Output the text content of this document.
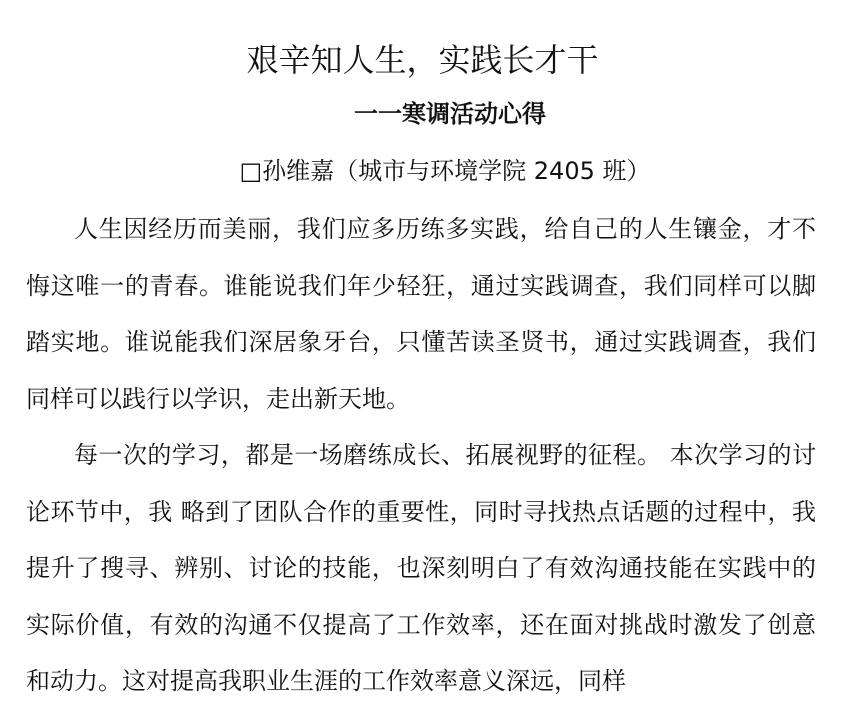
艰辛知人生，实践长才干
一一寒调活动心得
□孙维嘉（城市与环境学院 2405 班）

人生因经历而美丽，我们应多历练多实践，给自己的人生镶金，才不悔这唯一的青春。谁能说我们年少轻狂，通过实践调查，我们同样可以脚踏实地。谁说能我们深居象牙台，只懂苦读圣贤书，通过实践调查，我们同样可以践行以学识，走出新天地。

每一次的学习，都是一场磨练成长、拓展视野的征程。 本次学习的讨论环节中，我 略到了团队合作的重要性，同时寻找热点话题的过程中，我提升了搜寻、辨别、讨论的技能，也深刻明白了有效沟通技能在实践中的实际价值，有效的沟通不仅提高了工作效率，还在面对挑战时激发了创意和动力。这对提高我职业生涯的工作效率意义深远，同样
